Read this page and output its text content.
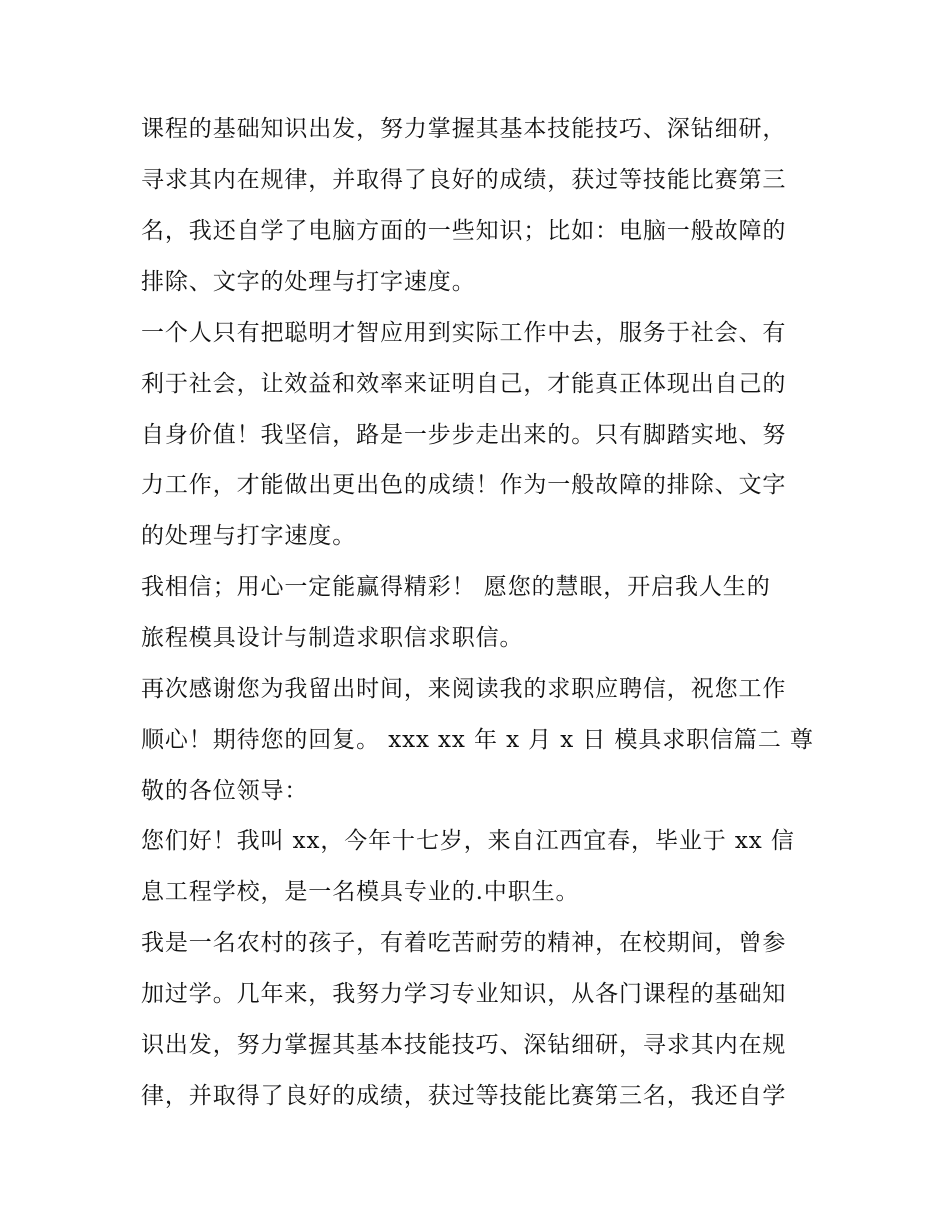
课程的基础知识出发，努力掌握其基本技能技巧、深钻细研，
寻求其内在规律，并取得了良好的成绩，获过等技能比赛第三
名，我还自学了电脑方面的一些知识；比如：电脑一般故障的
排除、文字的处理与打字速度。
一个人只有把聪明才智应用到实际工作中去，服务于社会、有
利于社会，让效益和效率来证明自己，才能真正体现出自己的
自身价值！我坚信，路是一步步走出来的。只有脚踏实地、努
力工作，才能做出更出色的成绩！作为一般故障的排除、文字
的处理与打字速度。
我相信；用心一定能赢得精彩！ 愿您的慧眼，开启我人生的
旅程模具设计与制造求职信求职信。
再次感谢您为我留出时间，来阅读我的求职应聘信，祝您工作
顺心！期待您的回复。 xxx xx 年 x 月 x 日 模具求职信篇二 尊
敬的各位领导：
您们好！我叫 xx，今年十七岁，来自江西宜春，毕业于 xx 信
息工程学校，是一名模具专业的.中职生。
我是一名农村的孩子，有着吃苦耐劳的精神，在校期间，曾参
加过学。几年来，我努力学习专业知识，从各门课程的基础知
识出发，努力掌握其基本技能技巧、深钻细研，寻求其内在规
律，并取得了良好的成绩，获过等技能比赛第三名，我还自学
